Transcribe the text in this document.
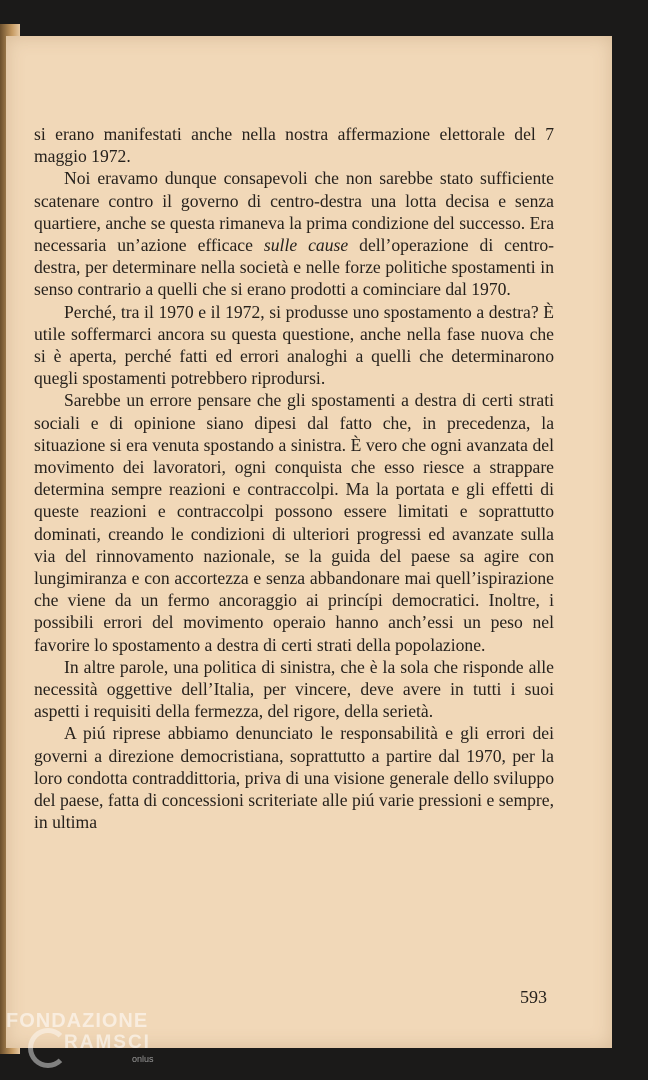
si erano manifestati anche nella nostra affermazione elettorale del 7 maggio 1972.

Noi eravamo dunque consapevoli che non sarebbe stato sufficiente scatenare contro il governo di centro-destra una lotta decisa e senza quartiere, anche se questa rimaneva la prima condizione del successo. Era necessaria un’azione efficace sulle cause dell’operazione di centro-destra, per determinare nella società e nelle forze politiche spostamenti in senso contrario a quelli che si erano prodotti a cominciare dal 1970.

Perché, tra il 1970 e il 1972, si produsse uno spostamento a destra? È utile soffermarci ancora su questa questione, anche nella fase nuova che si è aperta, perché fatti ed errori analoghi a quelli che determinarono quegli spostamenti potrebbero riprodursi.

Sarebbe un errore pensare che gli spostamenti a destra di certi strati sociali e di opinione siano dipesi dal fatto che, in precedenza, la situazione si era venuta spostando a sinistra. È vero che ogni avanzata del movimento dei lavoratori, ogni conquista che esso riesce a strappare determina sempre reazioni e contraccolpi. Ma la portata e gli effetti di queste reazioni e contraccolpi possono essere limitati e soprattutto dominati, creando le condizioni di ulteriori progressi ed avanzate sulla via del rinnovamento nazionale, se la guida del paese sa agire con lungimiranza e con accortezza e senza abbandonare mai quell’ispirazione che viene da un fermo ancoraggio ai princípi democratici. Inoltre, i possibili errori del movimento operaio hanno anch’essi un peso nel favorire lo spostamento a destra di certi strati della popolazione.

In altre parole, una politica di sinistra, che è la sola che risponde alle necessità oggettive dell’Italia, per vincere, deve avere in tutti i suoi aspetti i requisiti della fermezza, del rigore, della serietà.

A piú riprese abbiamo denunciato le responsabilità e gli errori dei governi a direzione democristiana, soprattutto a partire dal 1970, per la loro condotta contraddittoria, priva di una visione generale dello sviluppo del paese, fatta di concessioni scriteriate alle piú varie pressioni e sempre, in ultima

593
FONDAZIONE
RAMSCI
onlus
